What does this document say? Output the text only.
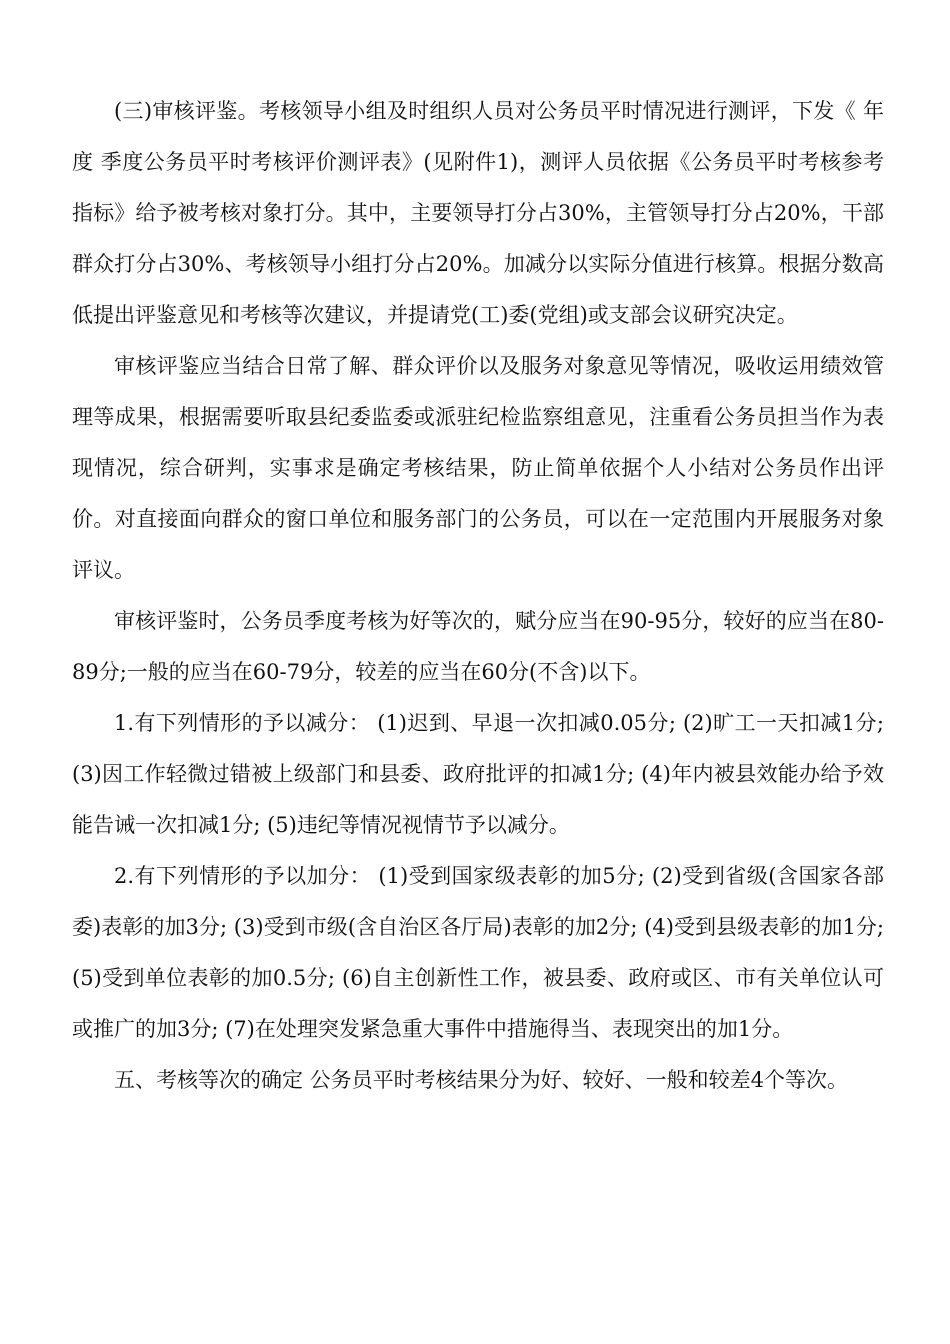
(三)审核评鉴。考核领导小组及时组织人员对公务员平时情况进行测评，下发《 年度 季度公务员平时考核评价测评表》(见附件1)，测评人员依据《公务员平时考核参考指标》给予被考核对象打分。其中，主要领导打分占30%，主管领导打分占20%，干部群众打分占30%、考核领导小组打分占20%。加减分以实际分值进行核算。根据分数高低提出评鉴意见和考核等次建议，并提请党(工)委(党组)或支部会议研究决定。

审核评鉴应当结合日常了解、群众评价以及服务对象意见等情况，吸收运用绩效管理等成果，根据需要听取县纪委监委或派驻纪检监察组意见，注重看公务员担当作为表现情况，综合研判，实事求是确定考核结果，防止简单依据个人小结对公务员作出评价。对直接面向群众的窗口单位和服务部门的公务员，可以在一定范围内开展服务对象评议。

审核评鉴时，公务员季度考核为好等次的，赋分应当在90-95分，较好的应当在80-89分;一般的应当在60-79分，较差的应当在60分(不含)以下。

1.有下列情形的予以减分： (1)迟到、早退一次扣减0.05分; (2)旷工一天扣减1分; (3)因工作轻微过错被上级部门和县委、政府批评的扣减1分; (4)年内被县效能办给予效能告诫一次扣减1分; (5)违纪等情况视情节予以减分。

2.有下列情形的予以加分： (1)受到国家级表彰的加5分; (2)受到省级(含国家各部委)表彰的加3分; (3)受到市级(含自治区各厅局)表彰的加2分; (4)受到县级表彰的加1分; (5)受到单位表彰的加0.5分; (6)自主创新性工作，被县委、政府或区、市有关单位认可或推广的加3分; (7)在处理突发紧急重大事件中措施得当、表现突出的加1分。

五、考核等次的确定 公务员平时考核结果分为好、较好、一般和较差4个等次。
